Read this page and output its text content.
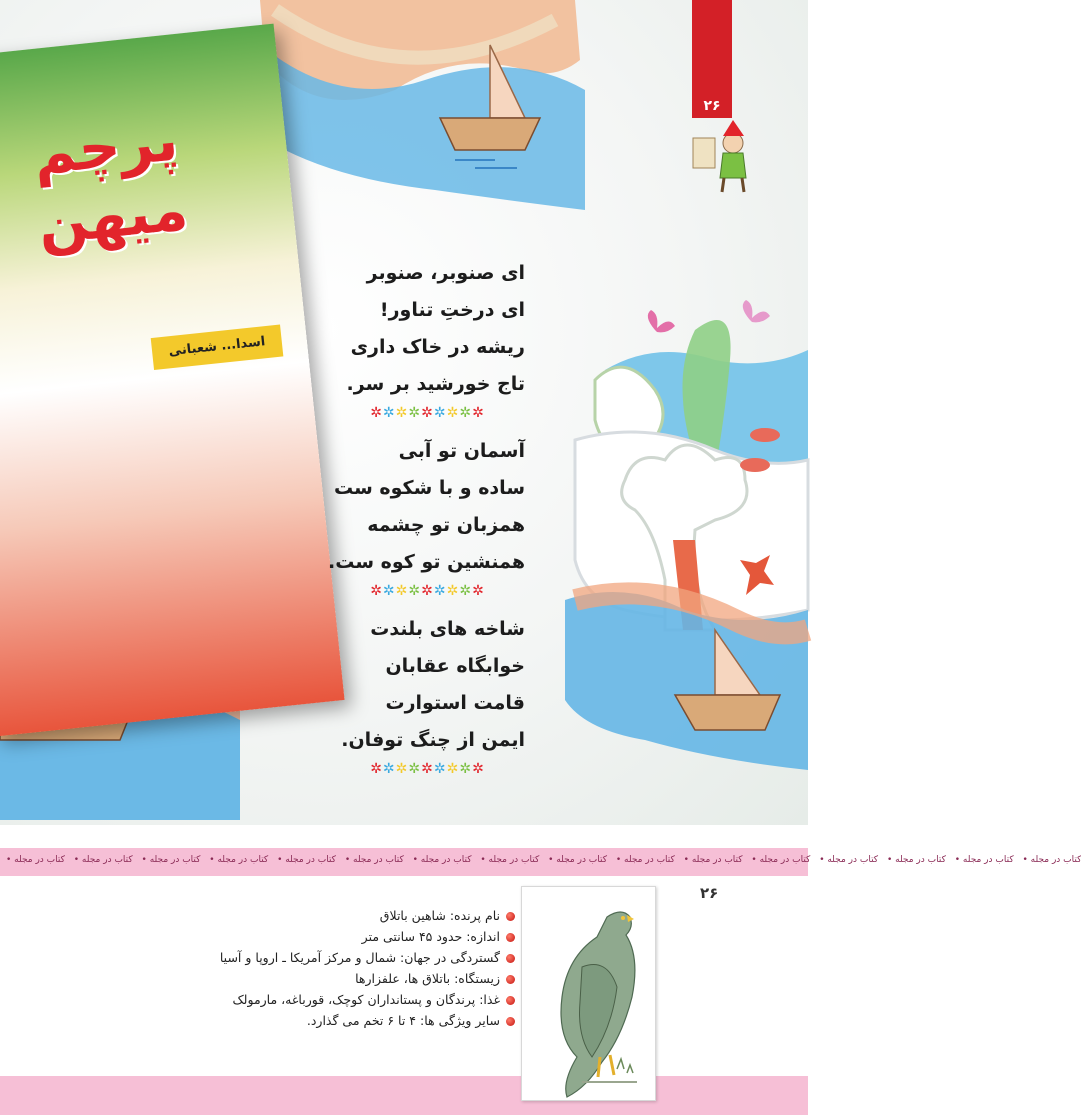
پرچم
میهن
اسدا... شعبانی
۲۶
ای صنوبر، صنوبر
ای درختِ تناور!
ریشه در خاک داری
تاج خورشید بر سر.
✲✲✲✲✲✲✲✲✲
آسمان تو آبی
ساده و با شکوه ست
همزبان تو چشمه
همنشین تو کوه ست.
✲✲✲✲✲✲✲✲✲
شاخه های بلندت
خوابگاه عقابان
قامت استوارت
ایمن از چنگ توفان.
✲✲✲✲✲✲✲✲✲
کتاب در مجله • کتاب در مجله • کتاب در مجله • کتاب در مجله • کتاب در مجله • کتاب در مجله • کتاب در مجله • کتاب در مجله • کتاب در مجله • کتاب در مجله • کتاب در مجله • کتاب در مجله • کتاب در مجله • کتاب در مجله • کتاب در مجله • کتاب در مجله •
۲۶
نام پرنده: شاهین باتلاق
اندازه: حدود ۴۵ سانتی متر
گستردگی در جهان: شمال و مرکز آمریکا ـ اروپا و آسیا
زیستگاه: باتلاق ها، علفزارها
غذا: پرندگان و پستانداران کوچک، قورباغه، مارمولک
سایر ویژگی ها: ۴ تا ۶ تخم می گذارد.
